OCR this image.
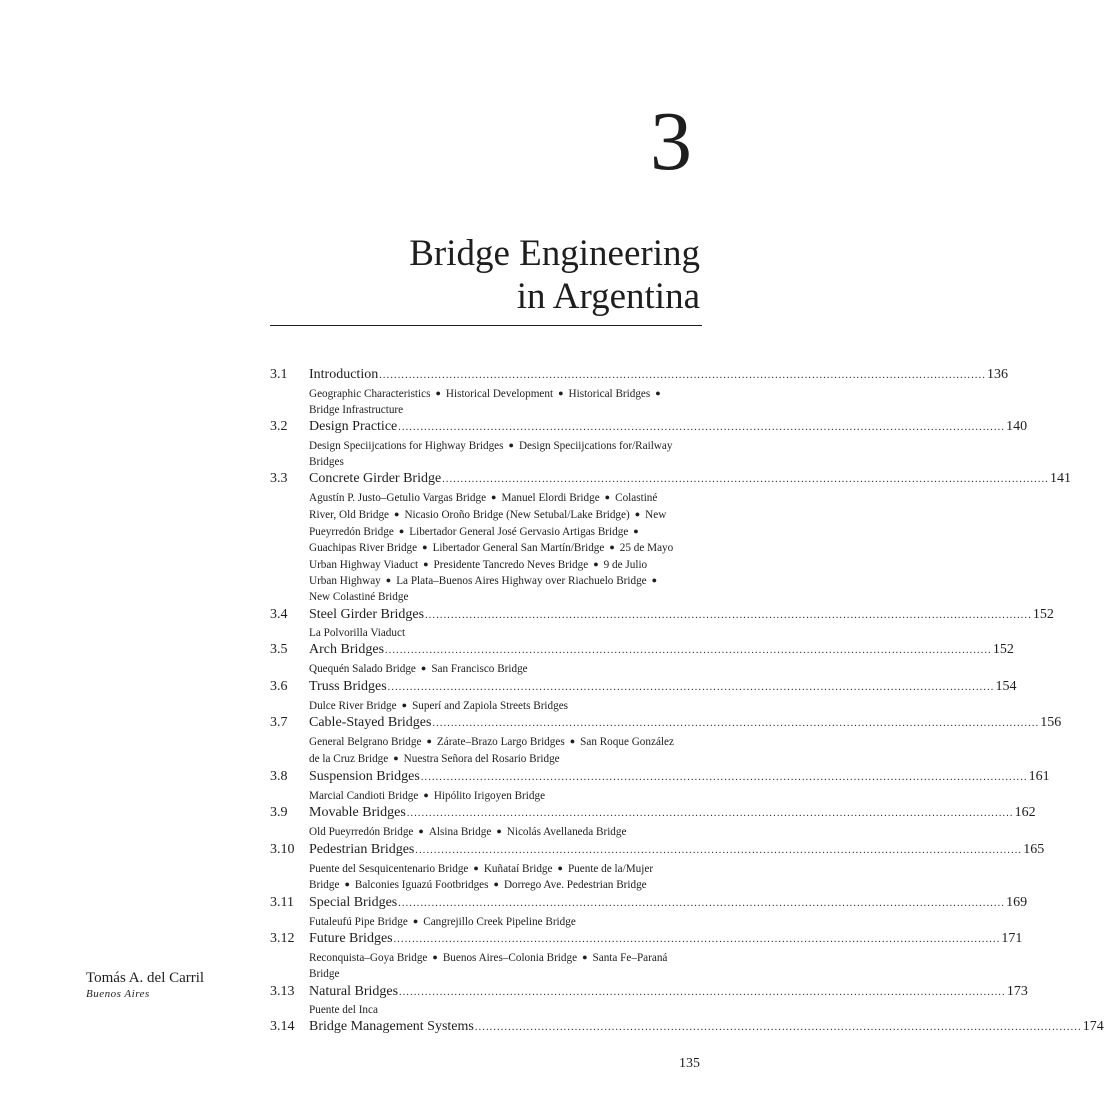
3
Bridge Engineering
in Argentina
3.1 Introduction .................................................................................................................................................................... 136
Geographic Characteristics ● Historical Development ● Historical Bridges ●Bridge Infrastructure
3.2 Design Practice .................................................................................................................................................................... 140
Design Speciijcations for Highway Bridges ● Design Speciijcations for/Railway Bridges
3.3 Concrete Girder Bridge .................................................................................................................................................................... 141
Agustín P. Justo–Getulio Vargas Bridge ● Manuel Elordi Bridge ● Colastiné River, Old Bridge ● Nicasio Oroño Bridge (New Setubal/Lake Bridge) ● New Pueyrredón Bridge ● Libertador General José Gervasio Artigas Bridge ●Guachipas River Bridge ● Libertador General San Martín/Bridge ● 25 de Mayo Urban Highway Viaduct ● Presidente Tancredo Neves Bridge ● 9 de Julio Urban Highway ● La Plata–Buenos Aires Highway over Riachuelo Bridge ●New Colastiné Bridge
3.4 Steel Girder Bridges .................................................................................................................................................................... 152
La Polvorilla Viaduct
3.5 Arch Bridges .................................................................................................................................................................... 152
Quequén Salado Bridge ● San Francisco Bridge
3.6 Truss Bridges .................................................................................................................................................................... 154
Dulce River Bridge ● Superí and Zapiola Streets Bridges
3.7 Cable-Stayed Bridges .................................................................................................................................................................... 156
General Belgrano Bridge ● Zárate–Brazo Largo Bridges ● San Roque González de la Cruz Bridge ● Nuestra Señora del Rosario Bridge
3.8 Suspension Bridges .................................................................................................................................................................... 161
Marcial Candioti Bridge ● Hipólito Irigoyen Bridge
3.9 Movable Bridges .................................................................................................................................................................... 162
Old Pueyrredón Bridge ● Alsina Bridge ● Nicolás Avellaneda Bridge
3.10 Pedestrian Bridges .................................................................................................................................................................... 165
Puente del Sesquicentenario Bridge ● Kuñataí Bridge ● Puente de la/Mujer Bridge ● Balconies Iguazú Footbridges ● Dorrego Ave. Pedestrian Bridge
3.11 Special Bridges .................................................................................................................................................................... 169
Futaleufú Pipe Bridge ● Cangrejillo Creek Pipeline Bridge
3.12 Future Bridges .................................................................................................................................................................... 171
Reconquista–Goya Bridge ● Buenos Aires–Colonia Bridge ● Santa Fe–Paraná Bridge
3.13 Natural Bridges .................................................................................................................................................................... 173
Puente del Inca
3.14 Bridge Management Systems .................................................................................................................................................................... 174
Tomás A. del Carril
Buenos Aires
135
